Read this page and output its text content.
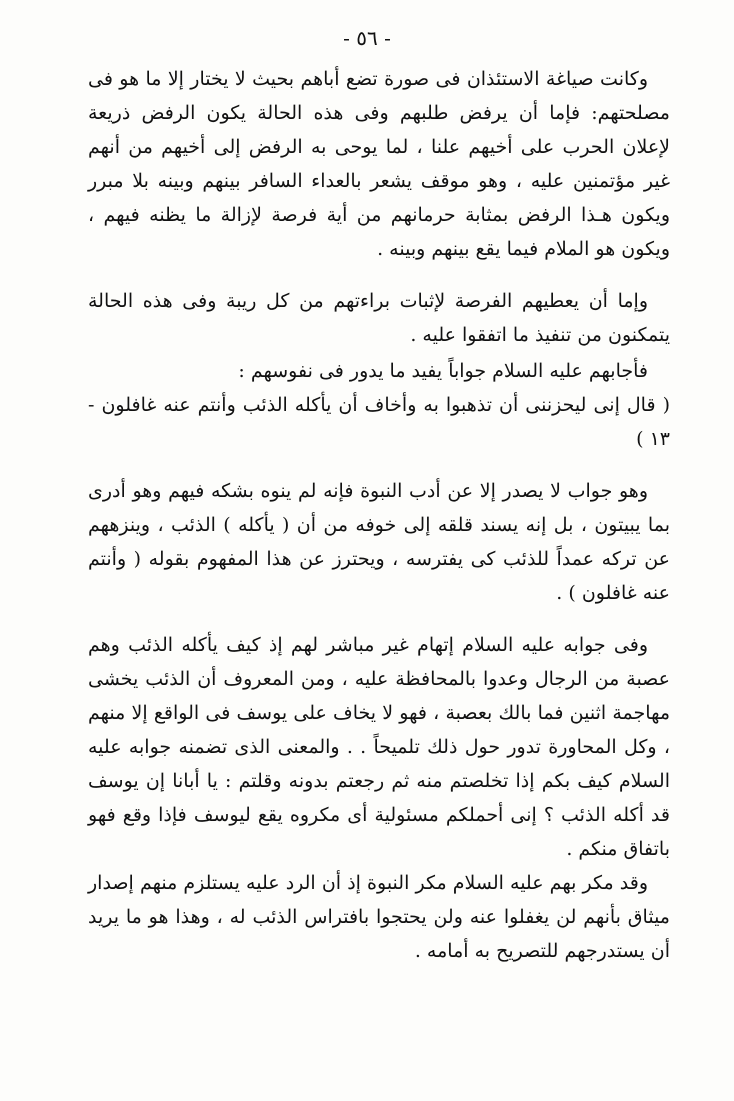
- ٥٦ -

وكانت صياغة الاستئذان فى صورة تضع أباهم بحيث لا يختار إلا ما هو فى مصلحتهم: فإما أن يرفض طلبهم وفى هذه الحالة يكون الرفض ذريعة لإعلان الحرب على أخيهم علنا ، لما يوحى به الرفض إلى أخيهم من أنهم غير مؤتمنين عليه ، وهو موقف يشعر بالعداء السافر بينهم وبينه بلا مبرر ويكون هـذا الرفض بمثابة حرمانهم من أية فرصة لإزالة ما يظنه فيهم ، ويكون هو الملام فيما يقع بينهم وبينه .

وإما أن يعطيهم الفرصة لإثبات براءتهم من كل ريبة وفى هذه الحالة يتمكنون من تنفيذ ما اتفقوا عليه .

فأجابهم عليه السلام جواباً يفيد ما يدور فى نفوسهم :

( قال إنى ليحزننى أن تذهبوا به وأخاف أن يأكله الذئب وأنتم عنه غافلون - ١٣ )

وهو جواب لا يصدر إلا عن أدب النبوة فإنه لم ينوه بشكه فيهم وهو أدرى بما يبيتون ، بل إنه يسند قلقه إلى خوفه من أن ( يأكله ) الذئب ، وينزههم عن تركه عمداً للذئب كى يفترسه ، ويحترز عن هذا المفهوم بقوله ( وأنتم عنه غافلون ) .

وفى جوابه عليه السلام إتهام غير مباشر لهم إذ كيف يأكله الذئب وهم عصبة من الرجال وعدوا بالمحافظة عليه ، ومن المعروف أن الذئب يخشى مهاجمة اثنين فما بالك بعصبة ، فهو لا يخاف على يوسف فى الواقع إلا منهم ، وكل المحاورة تدور حول ذلك تلميحاً . . والمعنى الذى تضمنه جوابه عليه السلام كيف بكم إذا تخلصتم منه ثم رجعتم بدونه وقلتم : يا أبانا إن يوسف قد أكله الذئب ؟ إنى أحملكم مسئولية أى مكروه يقع ليوسف فإذا وقع فهو باتفاق منكم .

وقد مكر بهم عليه السلام مكر النبوة إذ أن الرد عليه يستلزم منهم إصدار ميثاق بأنهم لن يغفلوا عنه ولن يحتجوا بافتراس الذئب له ، وهذا هو ما يريد أن يستدرجهم للتصريح به أمامه .
